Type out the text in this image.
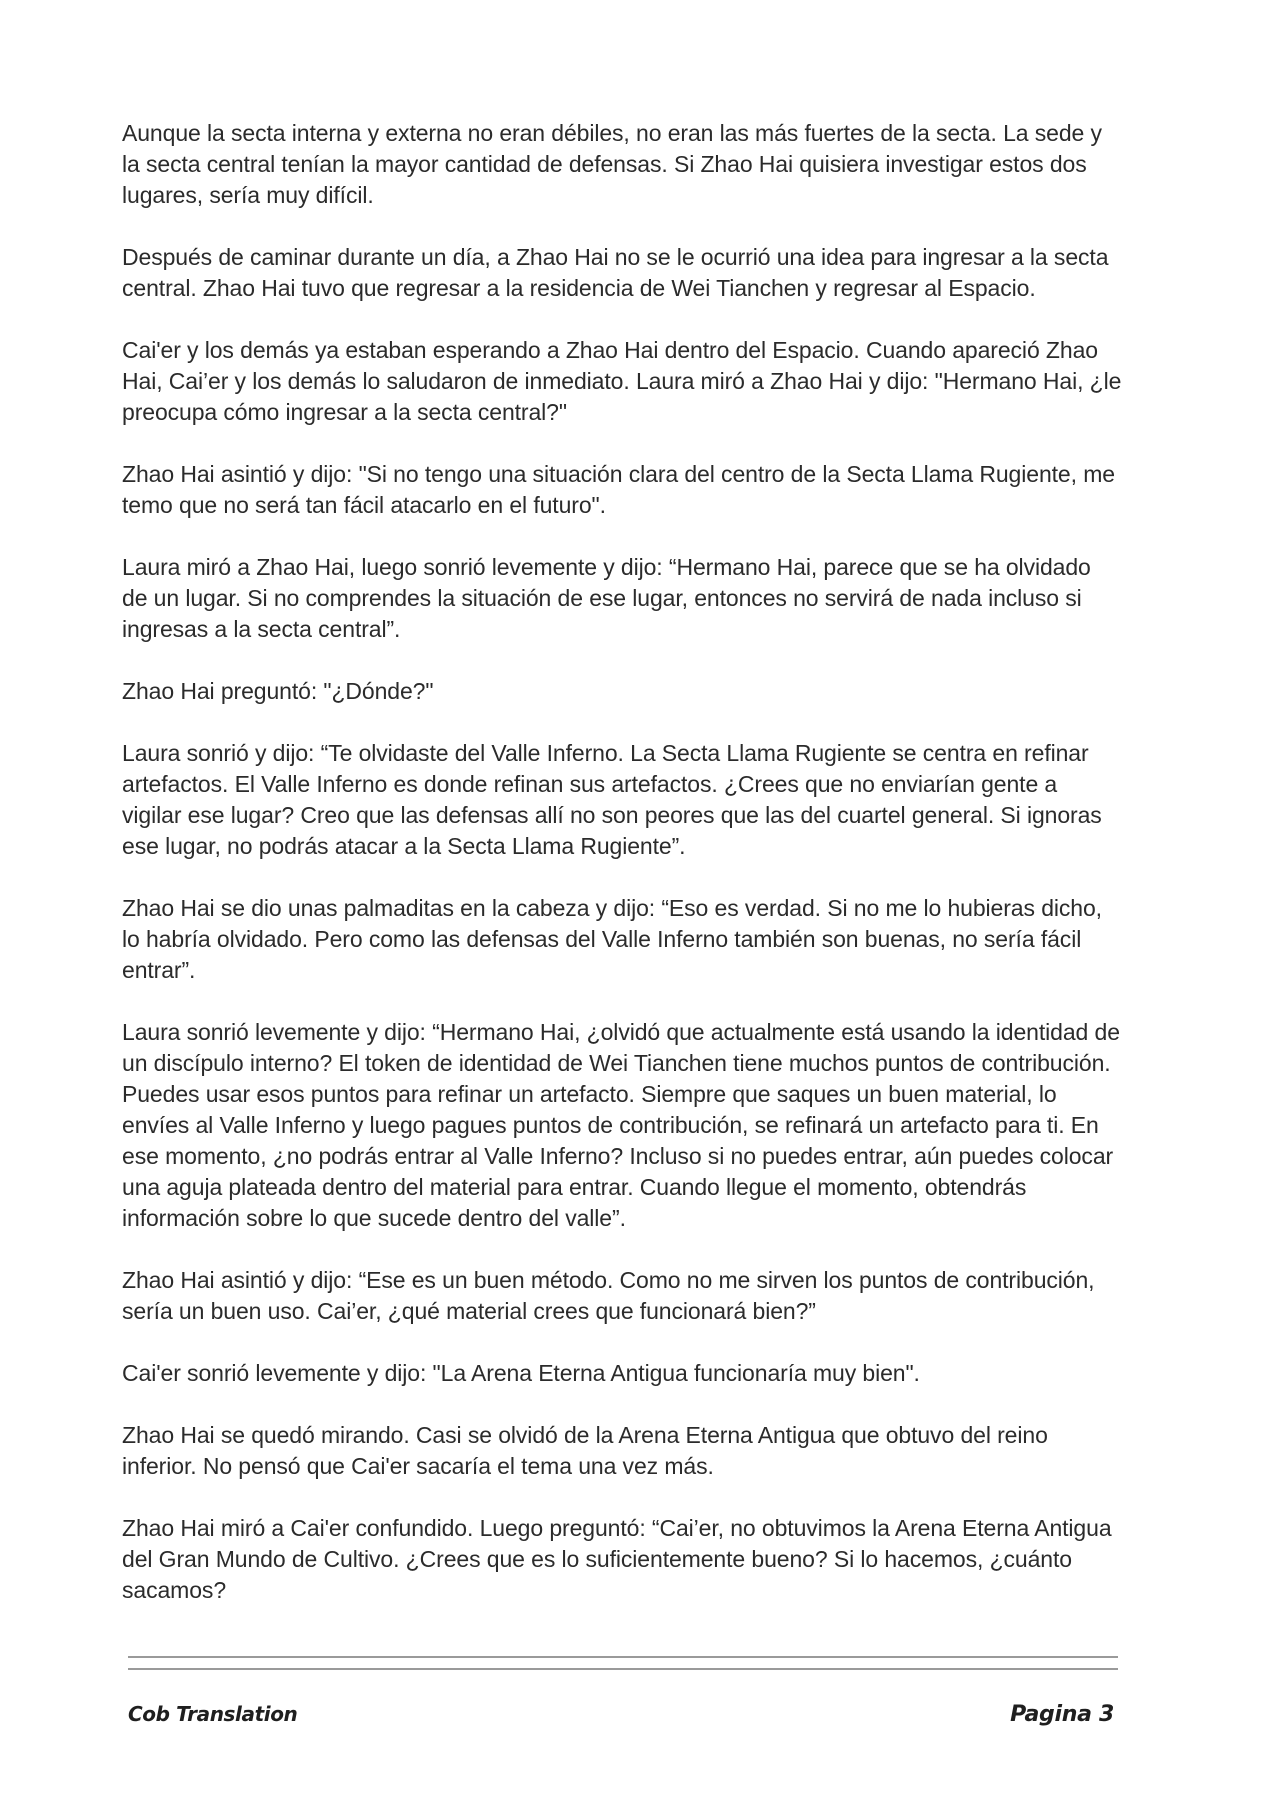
Aunque la secta interna y externa no eran débiles, no eran las más fuertes de la secta. La sede y la secta central tenían la mayor cantidad de defensas. Si Zhao Hai quisiera investigar estos dos lugares, sería muy difícil.

Después de caminar durante un día, a Zhao Hai no se le ocurrió una idea para ingresar a la secta central. Zhao Hai tuvo que regresar a la residencia de Wei Tianchen y regresar al Espacio.

Cai'er y los demás ya estaban esperando a Zhao Hai dentro del Espacio. Cuando apareció Zhao Hai, Cai’er y los demás lo saludaron de inmediato. Laura miró a Zhao Hai y dijo: "Hermano Hai, ¿le preocupa cómo ingresar a la secta central?"

Zhao Hai asintió y dijo: "Si no tengo una situación clara del centro de la Secta Llama Rugiente, me temo que no será tan fácil atacarlo en el futuro".

Laura miró a Zhao Hai, luego sonrió levemente y dijo: “Hermano Hai, parece que se ha olvidado de un lugar. Si no comprendes la situación de ese lugar, entonces no servirá de nada incluso si ingresas a la secta central”.

Zhao Hai preguntó: "¿Dónde?"

Laura sonrió y dijo: “Te olvidaste del Valle Inferno. La Secta Llama Rugiente se centra en refinar artefactos. El Valle Inferno es donde refinan sus artefactos. ¿Crees que no enviarían gente a vigilar ese lugar? Creo que las defensas allí no son peores que las del cuartel general. Si ignoras ese lugar, no podrás atacar a la Secta Llama Rugiente”.

Zhao Hai se dio unas palmaditas en la cabeza y dijo: “Eso es verdad. Si no me lo hubieras dicho, lo habría olvidado. Pero como las defensas del Valle Inferno también son buenas, no sería fácil entrar”.

Laura sonrió levemente y dijo: “Hermano Hai, ¿olvidó que actualmente está usando la identidad de un discípulo interno? El token de identidad de Wei Tianchen tiene muchos puntos de contribución. Puedes usar esos puntos para refinar un artefacto. Siempre que saques un buen material, lo envíes al Valle Inferno y luego pagues puntos de contribución, se refinará un artefacto para ti. En ese momento, ¿no podrás entrar al Valle Inferno? Incluso si no puedes entrar, aún puedes colocar una aguja plateada dentro del material para entrar. Cuando llegue el momento, obtendrás información sobre lo que sucede dentro del valle”.

Zhao Hai asintió y dijo: “Ese es un buen método. Como no me sirven los puntos de contribución, sería un buen uso. Cai’er, ¿qué material crees que funcionará bien?”

Cai'er sonrió levemente y dijo: "La Arena Eterna Antigua funcionaría muy bien".

Zhao Hai se quedó mirando. Casi se olvidó de la Arena Eterna Antigua que obtuvo del reino inferior. No pensó que Cai'er sacaría el tema una vez más.

Zhao Hai miró a Cai'er confundido. Luego preguntó: “Cai’er, no obtuvimos la Arena Eterna Antigua del Gran Mundo de Cultivo. ¿Crees que es lo suficientemente bueno? Si lo hacemos, ¿cuánto sacamos?

Cob Translation	Pagina 3
